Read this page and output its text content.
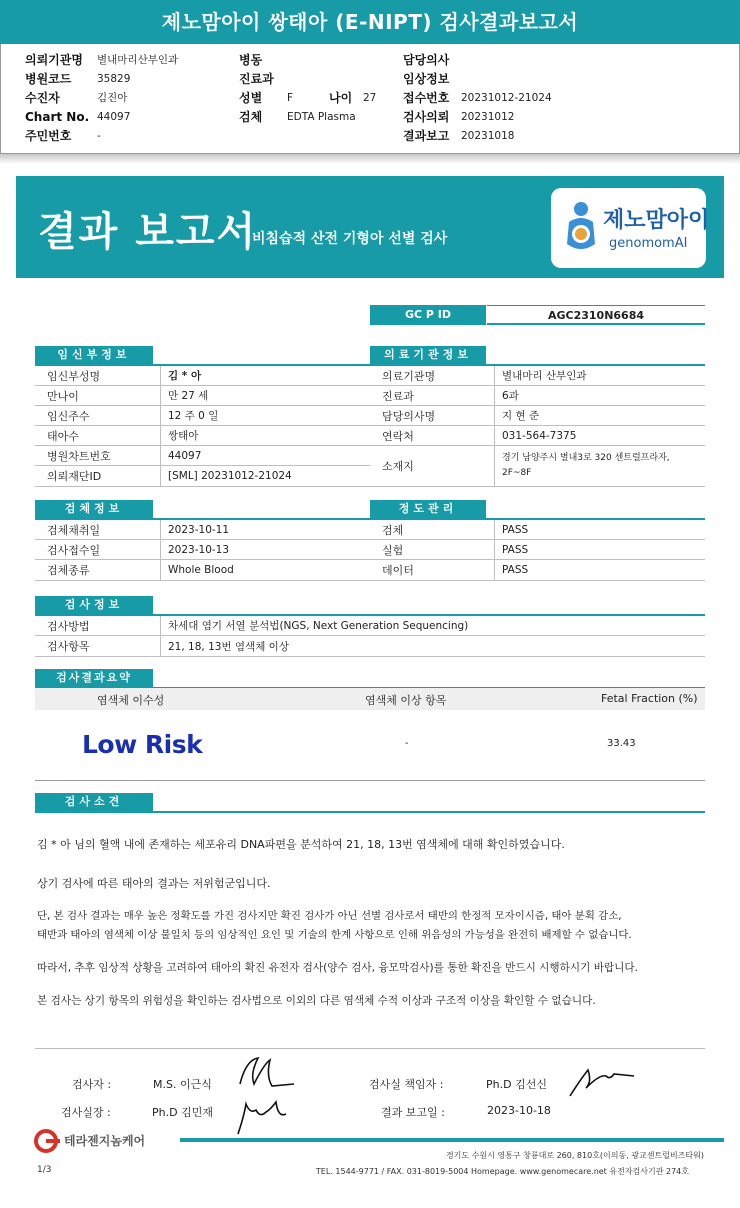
제노맘아이 쌍태아 (E-NIPT) 검사결과보고서
의뢰기관명	별내마리산부인과
병원코드	35829
수진자	김진아
Chart No. 44097
주민번호	-
병동
진료과
성별	F	나이	27
검체	EDTA Plasma
담당의사
임상정보
접수번호	20231012-21024
검사의뢰	20231012
결과보고	20231018
결과 보고서
비침습적 산전 기형아 선별 검사
제노맘아이
genomomAI
GC P ID	AGC2310N6684
임신부정보
임신부성명	김 * 아
만나이	만 27 세
임신주수	12 주 0 일
태아수	쌍태아
병원차트번호	44097
의뢰재단ID	[SML] 20231012-21024
의료기관정보
의료기관명	별내마리 산부인과
진료과	6과
담당의사명	지 현 준
연락처	031-564-7375
소재지
경기 남양주시 별내3로 320 센트럴프라자,
2F~8F
검체정보
검체채취일	2023-10-11
검사접수일	2023-10-13
검체종류	Whole Blood
정도관리
검체	PASS
실험	PASS
데이터	PASS
검사정보
검사방법	차세대 염기 서열 분석법(NGS, Next Generation Sequencing)
검사항목	21, 18, 13번 염색체 이상
검사결과요약
염색체 이수성	염색체 이상 항목	Fetal Fraction (%)
Low Risk	-	33.43
검사소견
김 * 아 님의 혈액 내에 존재하는 세포유리 DNA파편을 분석하여 21, 18, 13번 염색체에 대해 확인하였습니다.
상기 검사에 따른 태아의 결과는 저위험군입니다.
단, 본 검사 결과는 매우 높은 정확도를 가진 검사지만 확진 검사가 아닌 선별 검사로서 태반의 한정적 모자이시즘, 태아 분획 감소,
태반과 태아의 염색체 이상 불일치 등의 임상적인 요인 및 기술의 한계 사항으로 인해 위음성의 가능성을 완전히 배제할 수 없습니다.
따라서, 추후 임상적 상황을 고려하여 태아의 확진 유전자 검사(양수 검사, 융모막검사)를 통한 확진을 반드시 시행하시기 바랍니다.
본 검사는 상기 항목의 위험성을 확인하는 검사법으로 이외의 다른 염색체 수적 이상과 구조적 이상을 확인할 수 없습니다.
검사자 :	M.S. 이근식	검사실 책임자 :	Ph.D 김선신
검사실장 :	Ph.D 김민재	결과 보고일 :	2023-10-18
테라젠지놈케어
경기도 수원시 영통구 창룡대로 260, 810호(이의동, 광교센트럴비즈타워)
TEL. 1544-9771 / FAX. 031-8019-5004 Homepage. www.genomecare.net 유전자검사기관 274호
1/3
